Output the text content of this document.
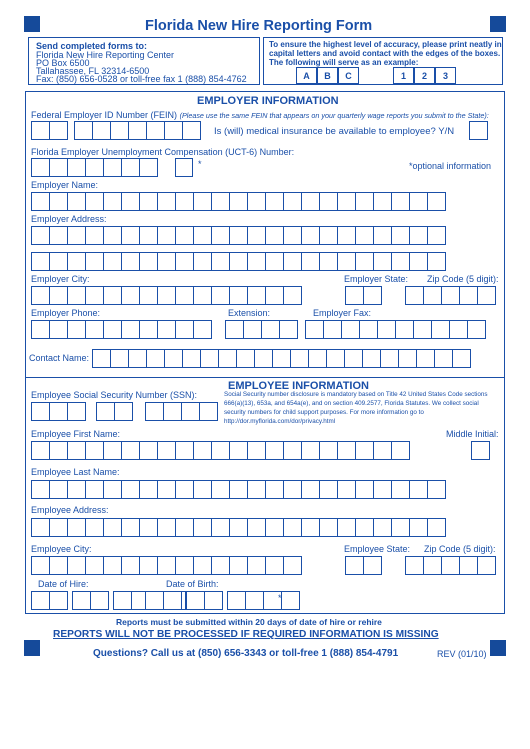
Florida New Hire Reporting Form
Send completed forms to:
Florida New Hire Reporting Center
PO Box 6500
Tallahassee, FL 32314-6500
Fax: (850) 656-0528 or toll-free fax 1 (888) 854-4762
To ensure the highest level of accuracy, please print neatly in
capital letters and avoid contact with the edges of the boxes.
The following will serve as an example:
A	B	C	1	2	3
EMPLOYER INFORMATION
Federal Employer ID Number (FEIN) (Please use the same FEIN that appears on your quarterly wage reports you submit to the State):
Is (will) medical insurance be available to employee? Y/N
Florida Employer Unemployment Compensation (UCT-6) Number:
*	*optional information
Employer Name:
Employer Address:
Employer City:	Employer State: Zip Code (5 digit):
Employer Phone:	Extension:	Employer Fax:
Contact Name:
EMPLOYEE INFORMATION
Employee Social Security Number (SSN):	Social Security number disclosure is mandatory based on Title 42 United States Code sections
666(a)(13), 653a, and 654a(e), and on section 409.2577, Florida Statutes. We collect social
security numbers for child support purposes. For more information go to
http://dor.myflorida.com/dor/privacy.html
Employee First Name:	Middle Initial:
Employee Last Name:
Employee Address:
Employee City:	Employee State: Zip Code (5 digit):
Date of Hire:	Date of Birth:
*
Reports must be submitted within 20 days of date of hire or rehire
REPORTS WILL NOT BE PROCESSED IF REQUIRED INFORMATION IS MISSING
Questions? Call us at (850) 656-3343 or toll-free 1 (888) 854-4791	REV (01/10)
